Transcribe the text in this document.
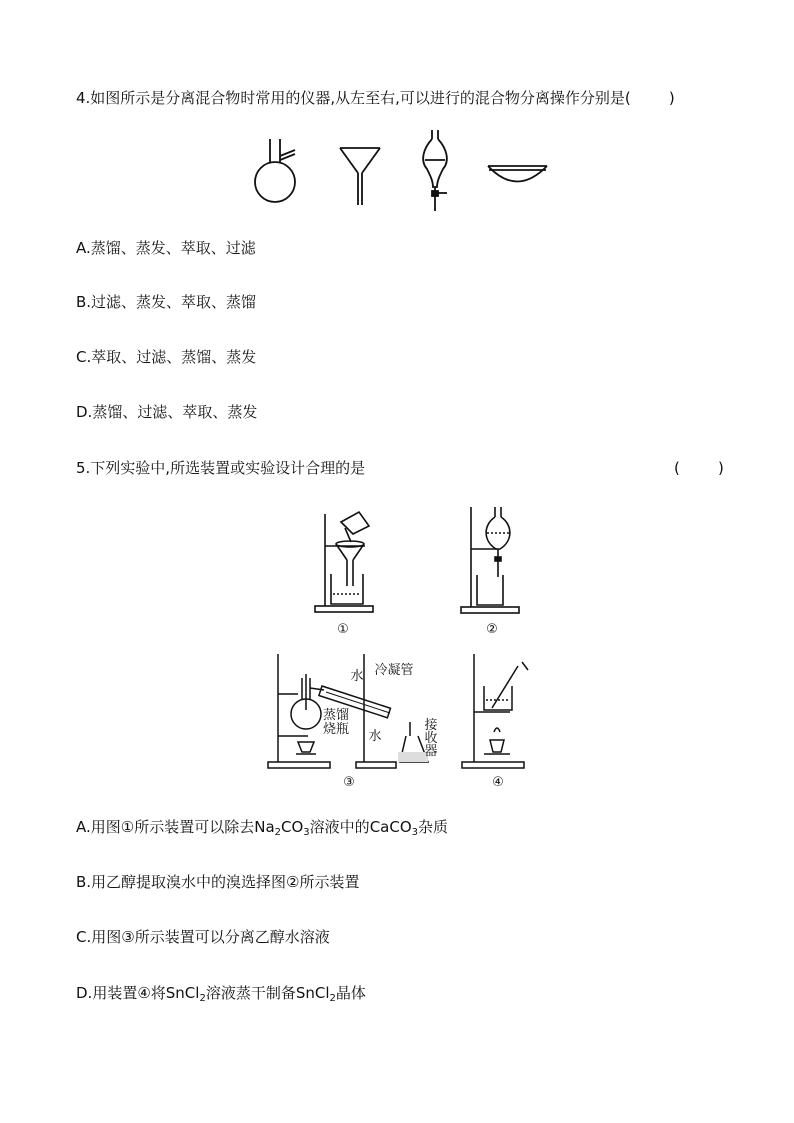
4.如图所示是分离混合物时常用的仪器,从左至右,可以进行的混合物分离操作分别是(        )
A.蒸馏、蒸发、萃取、过滤
B.过滤、蒸发、萃取、蒸馏
C.萃取、过滤、蒸馏、蒸发
D.蒸馏、过滤、萃取、蒸发
5.下列实验中,所选装置或实验设计合理的是	(        )
①	②
水 冷凝管
水
蒸馏
烧瓶	接
收
器
③	④
A.用图①所示装置可以除去$Na_2CO_3$溶液中的CaCO$_3$杂质
B.用乙醇提取溴水中的溴选择图②所示装置
C.用图③所示装置可以分离乙醇水溶液
D.用装置④将SnCl$_2$溶液蒸干制备SnCl$_2$晶体
